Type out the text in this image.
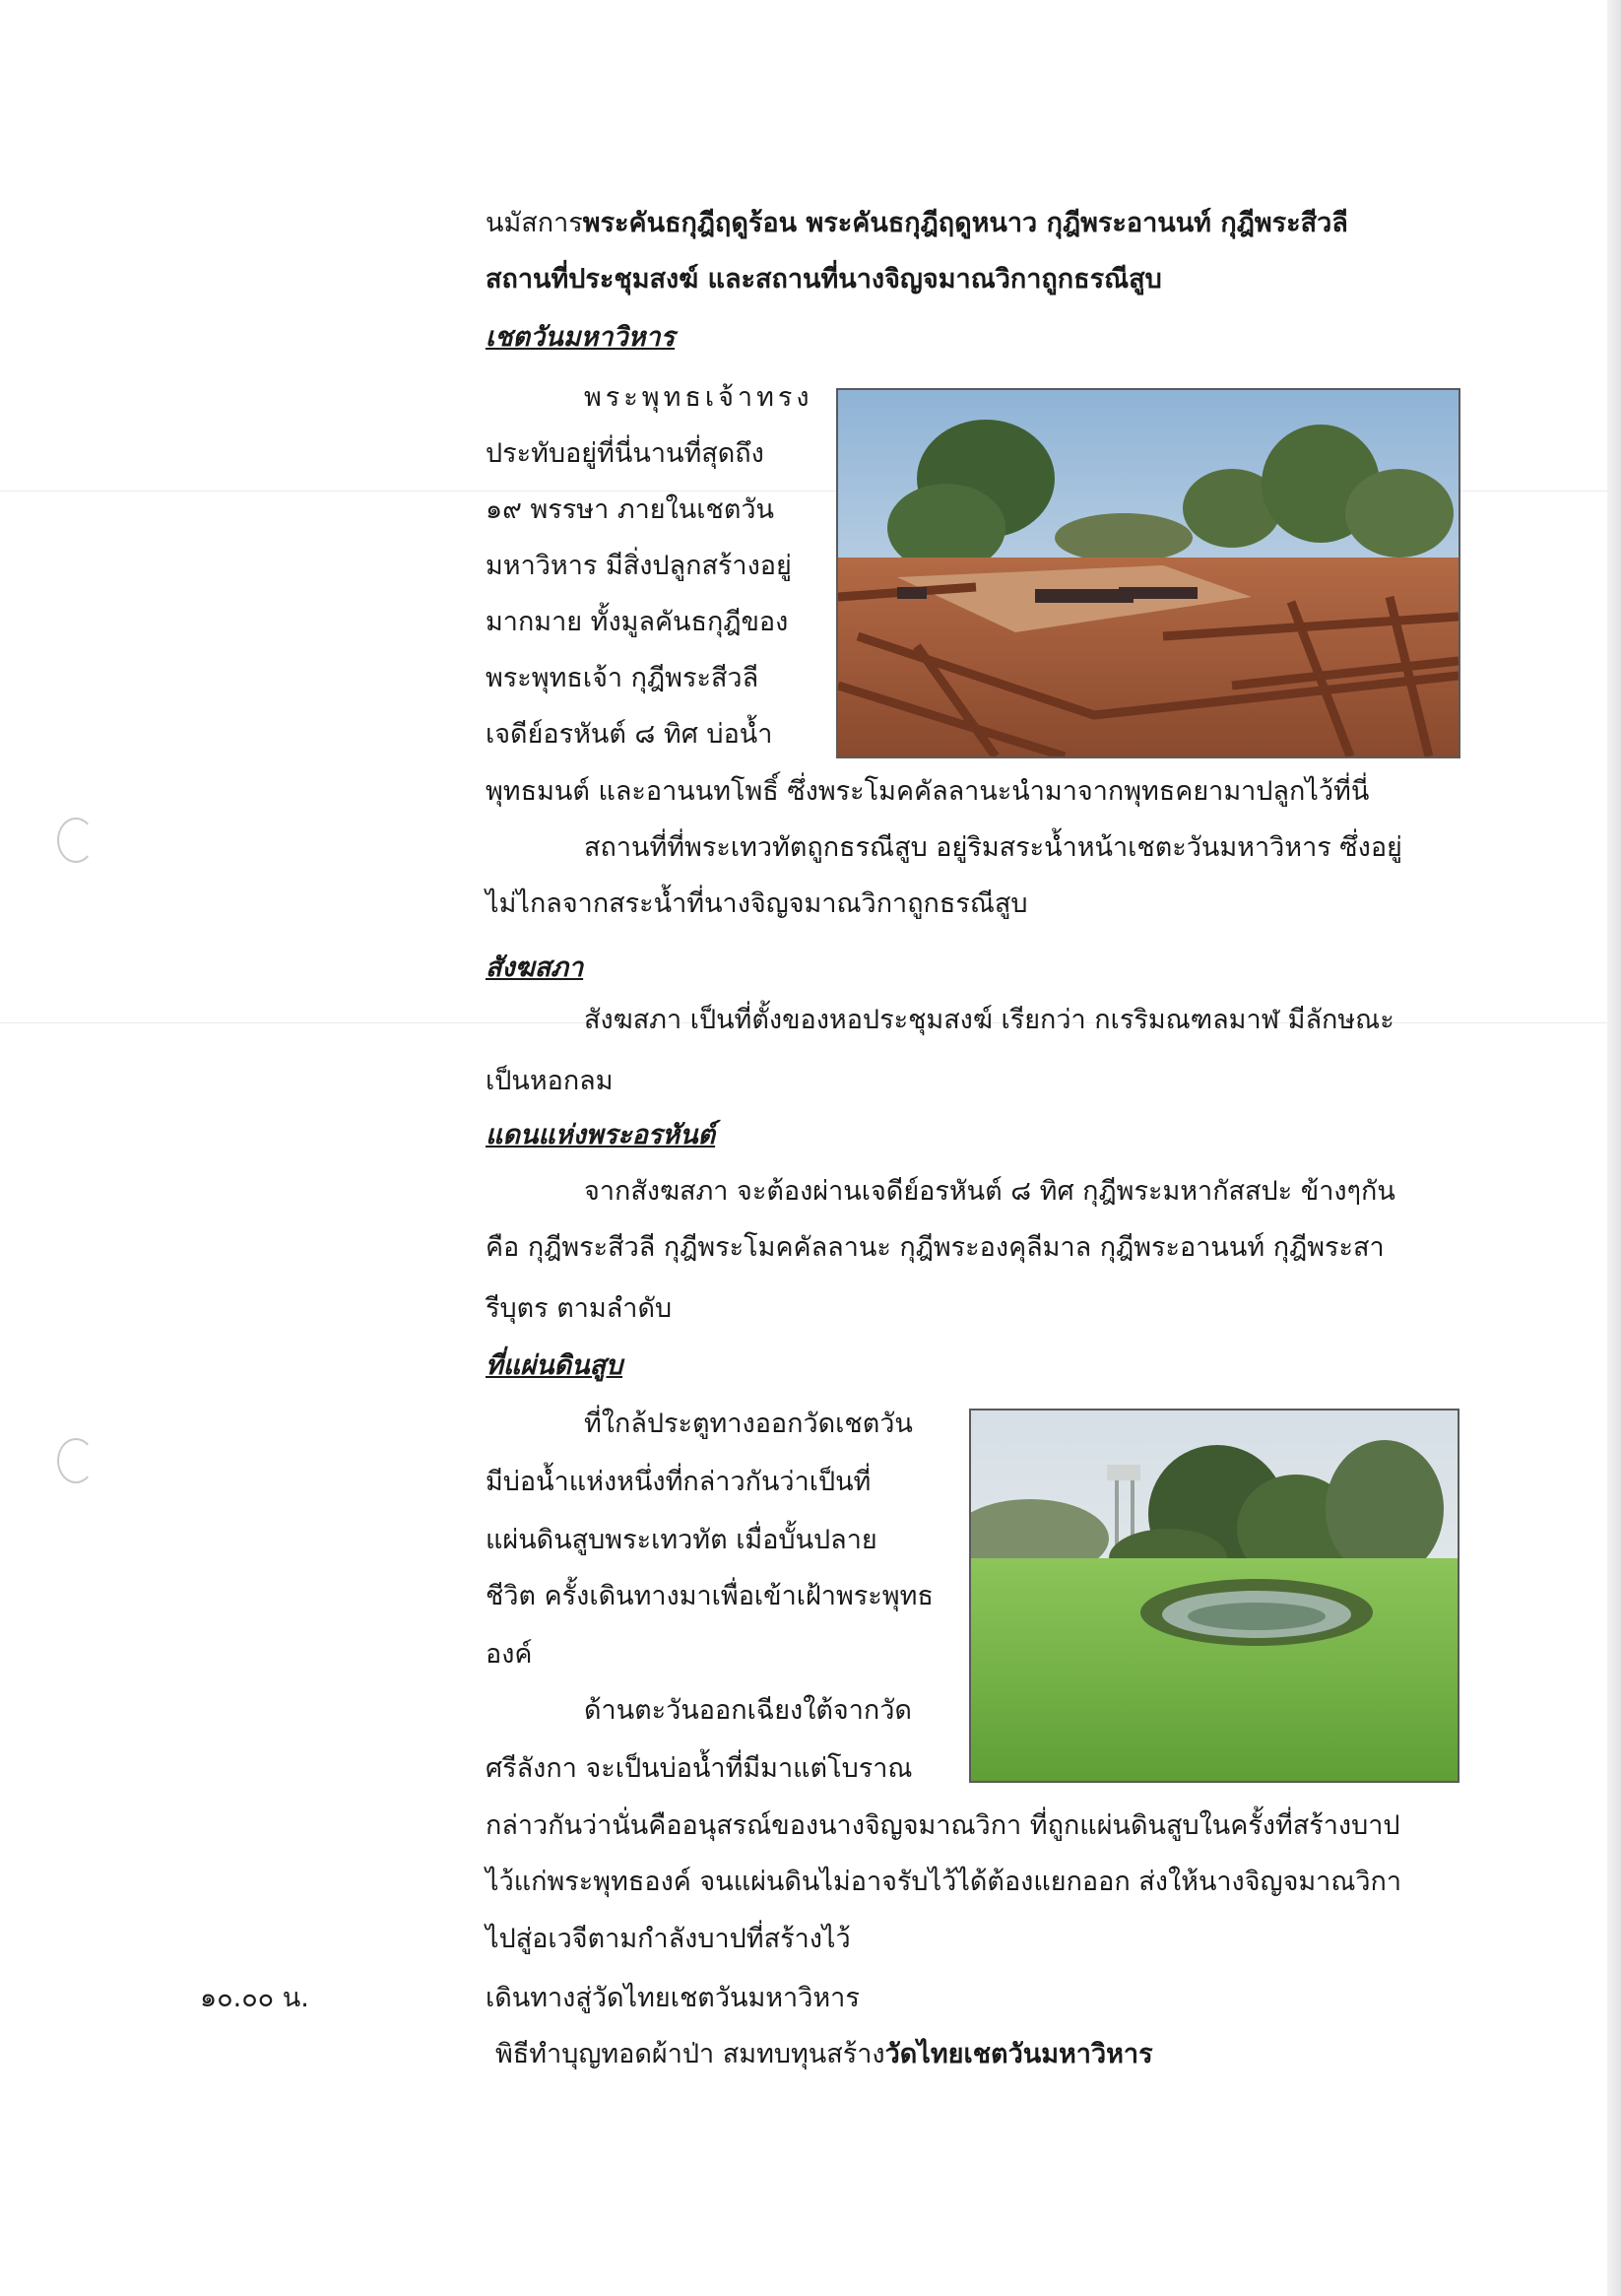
นมัสการพระคันธกุฎีฤดูร้อน พระคันธกุฎีฤดูหนาว กุฎีพระอานนท์ กุฎีพระสีวลี
สถานที่ประชุมสงฆ์ และสถานที่นางจิญจมาณวิกาถูกธรณีสูบ
เชตวันมหาวิหาร
พระพุทธเจ้าทรง
ประทับอยู่ที่นี่นานที่สุดถึง
๑๙ พรรษา ภายในเชตวัน
มหาวิหาร มีสิ่งปลูกสร้างอยู่
มากมาย ทั้งมูลคันธกุฎีของ
พระพุทธเจ้า กุฎีพระสีวลี
เจดีย์อรหันต์ ๘ ทิศ บ่อน้ำ
พุทธมนต์ และอานนทโพธิ์ ซึ่งพระโมคคัลลานะนำมาจากพุทธคยามาปลูกไว้ที่นี่
สถานที่ที่พระเทวทัตถูกธรณีสูบ อยู่ริมสระน้ำหน้าเชตะวันมหาวิหาร ซึ่งอยู่
ไม่ไกลจากสระน้ำที่นางจิญจมาณวิกาถูกธรณีสูบ
สังฆสภา
สังฆสภา เป็นที่ตั้งของหอประชุมสงฆ์ เรียกว่า กเรริมณฑลมาฬ มีลักษณะ
เป็นหอกลม
แดนแห่งพระอรหันต์
จากสังฆสภา จะต้องผ่านเจดีย์อรหันต์ ๘ ทิศ กุฎีพระมหากัสสปะ ข้างๆกัน
คือ กุฎีพระสีวลี กุฎีพระโมคคัลลานะ กุฎีพระองคุลีมาล กุฎีพระอานนท์ กุฎีพระสา
รีบุตร ตามลำดับ
ที่แผ่นดินสูบ
ที่ใกล้ประตูทางออกวัดเชตวัน
มีบ่อน้ำแห่งหนึ่งที่กล่าวกันว่าเป็นที่
แผ่นดินสูบพระเทวทัต เมื่อบั้นปลาย
ชีวิต ครั้งเดินทางมาเพื่อเข้าเฝ้าพระพุทธ
องค์
ด้านตะวันออกเฉียงใต้จากวัด
ศรีลังกา จะเป็นบ่อน้ำที่มีมาแต่โบราณ
กล่าวกันว่านั่นคืออนุสรณ์ของนางจิญจมาณวิกา ที่ถูกแผ่นดินสูบในครั้งที่สร้างบาป
ไว้แก่พระพุทธองค์ จนแผ่นดินไม่อาจรับไว้ได้ต้องแยกออก ส่งให้นางจิญจมาณวิกา
ไปสู่อเวจีตามกำลังบาปที่สร้างไว้
๑๐.๐๐ น.	เดินทางสู่วัดไทยเชตวันมหาวิหาร
พิธีทำบุญทอดผ้าป่า สมทบทุนสร้างวัดไทยเชตวันมหาวิหาร
